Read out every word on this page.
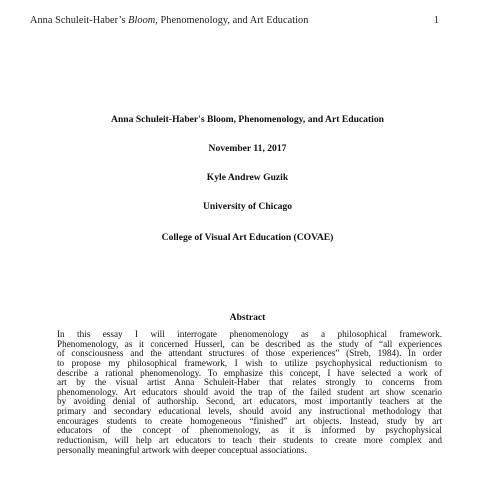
Anna Schuleit-Haber’s Bloom, Phenomenology, and Art Education	1
Anna Schuleit-Haber's Bloom, Phenomenology, and Art Education
November 11, 2017
Kyle Andrew Guzik
University of Chicago
College of Visual Art Education (COVAE)
Abstract
In this essay I will interrogate phenomenology as a philosophical framework.
Phenomenology, as it concerned Husserl, can be described as the study of “all experiences
of consciousness and the attendant structures of those experiences” (Streb, 1984). In order
to propose my philosophical framework, I wish to utilize psychophysical reductionism to
describe a rational phenomenology. To emphasize this concept, I have selected a work of
art by the visual artist Anna Schuleit-Haber that relates strongly to concerns from
phenomenology. Art educators should avoid the trap of the failed student art show scenario
by avoiding denial of authorship. Second, art educators, most importantly teachers at the
primary and secondary educational levels, should avoid any instructional methodology that
encourages students to create homogeneous “finished” art objects. Instead, study by art
educators of the concept of phenomenology, as it is informed by psychophysical
reductionism, will help art educators to teach their students to create more complex and
personally meaningful artwork with deeper conceptual associations.
